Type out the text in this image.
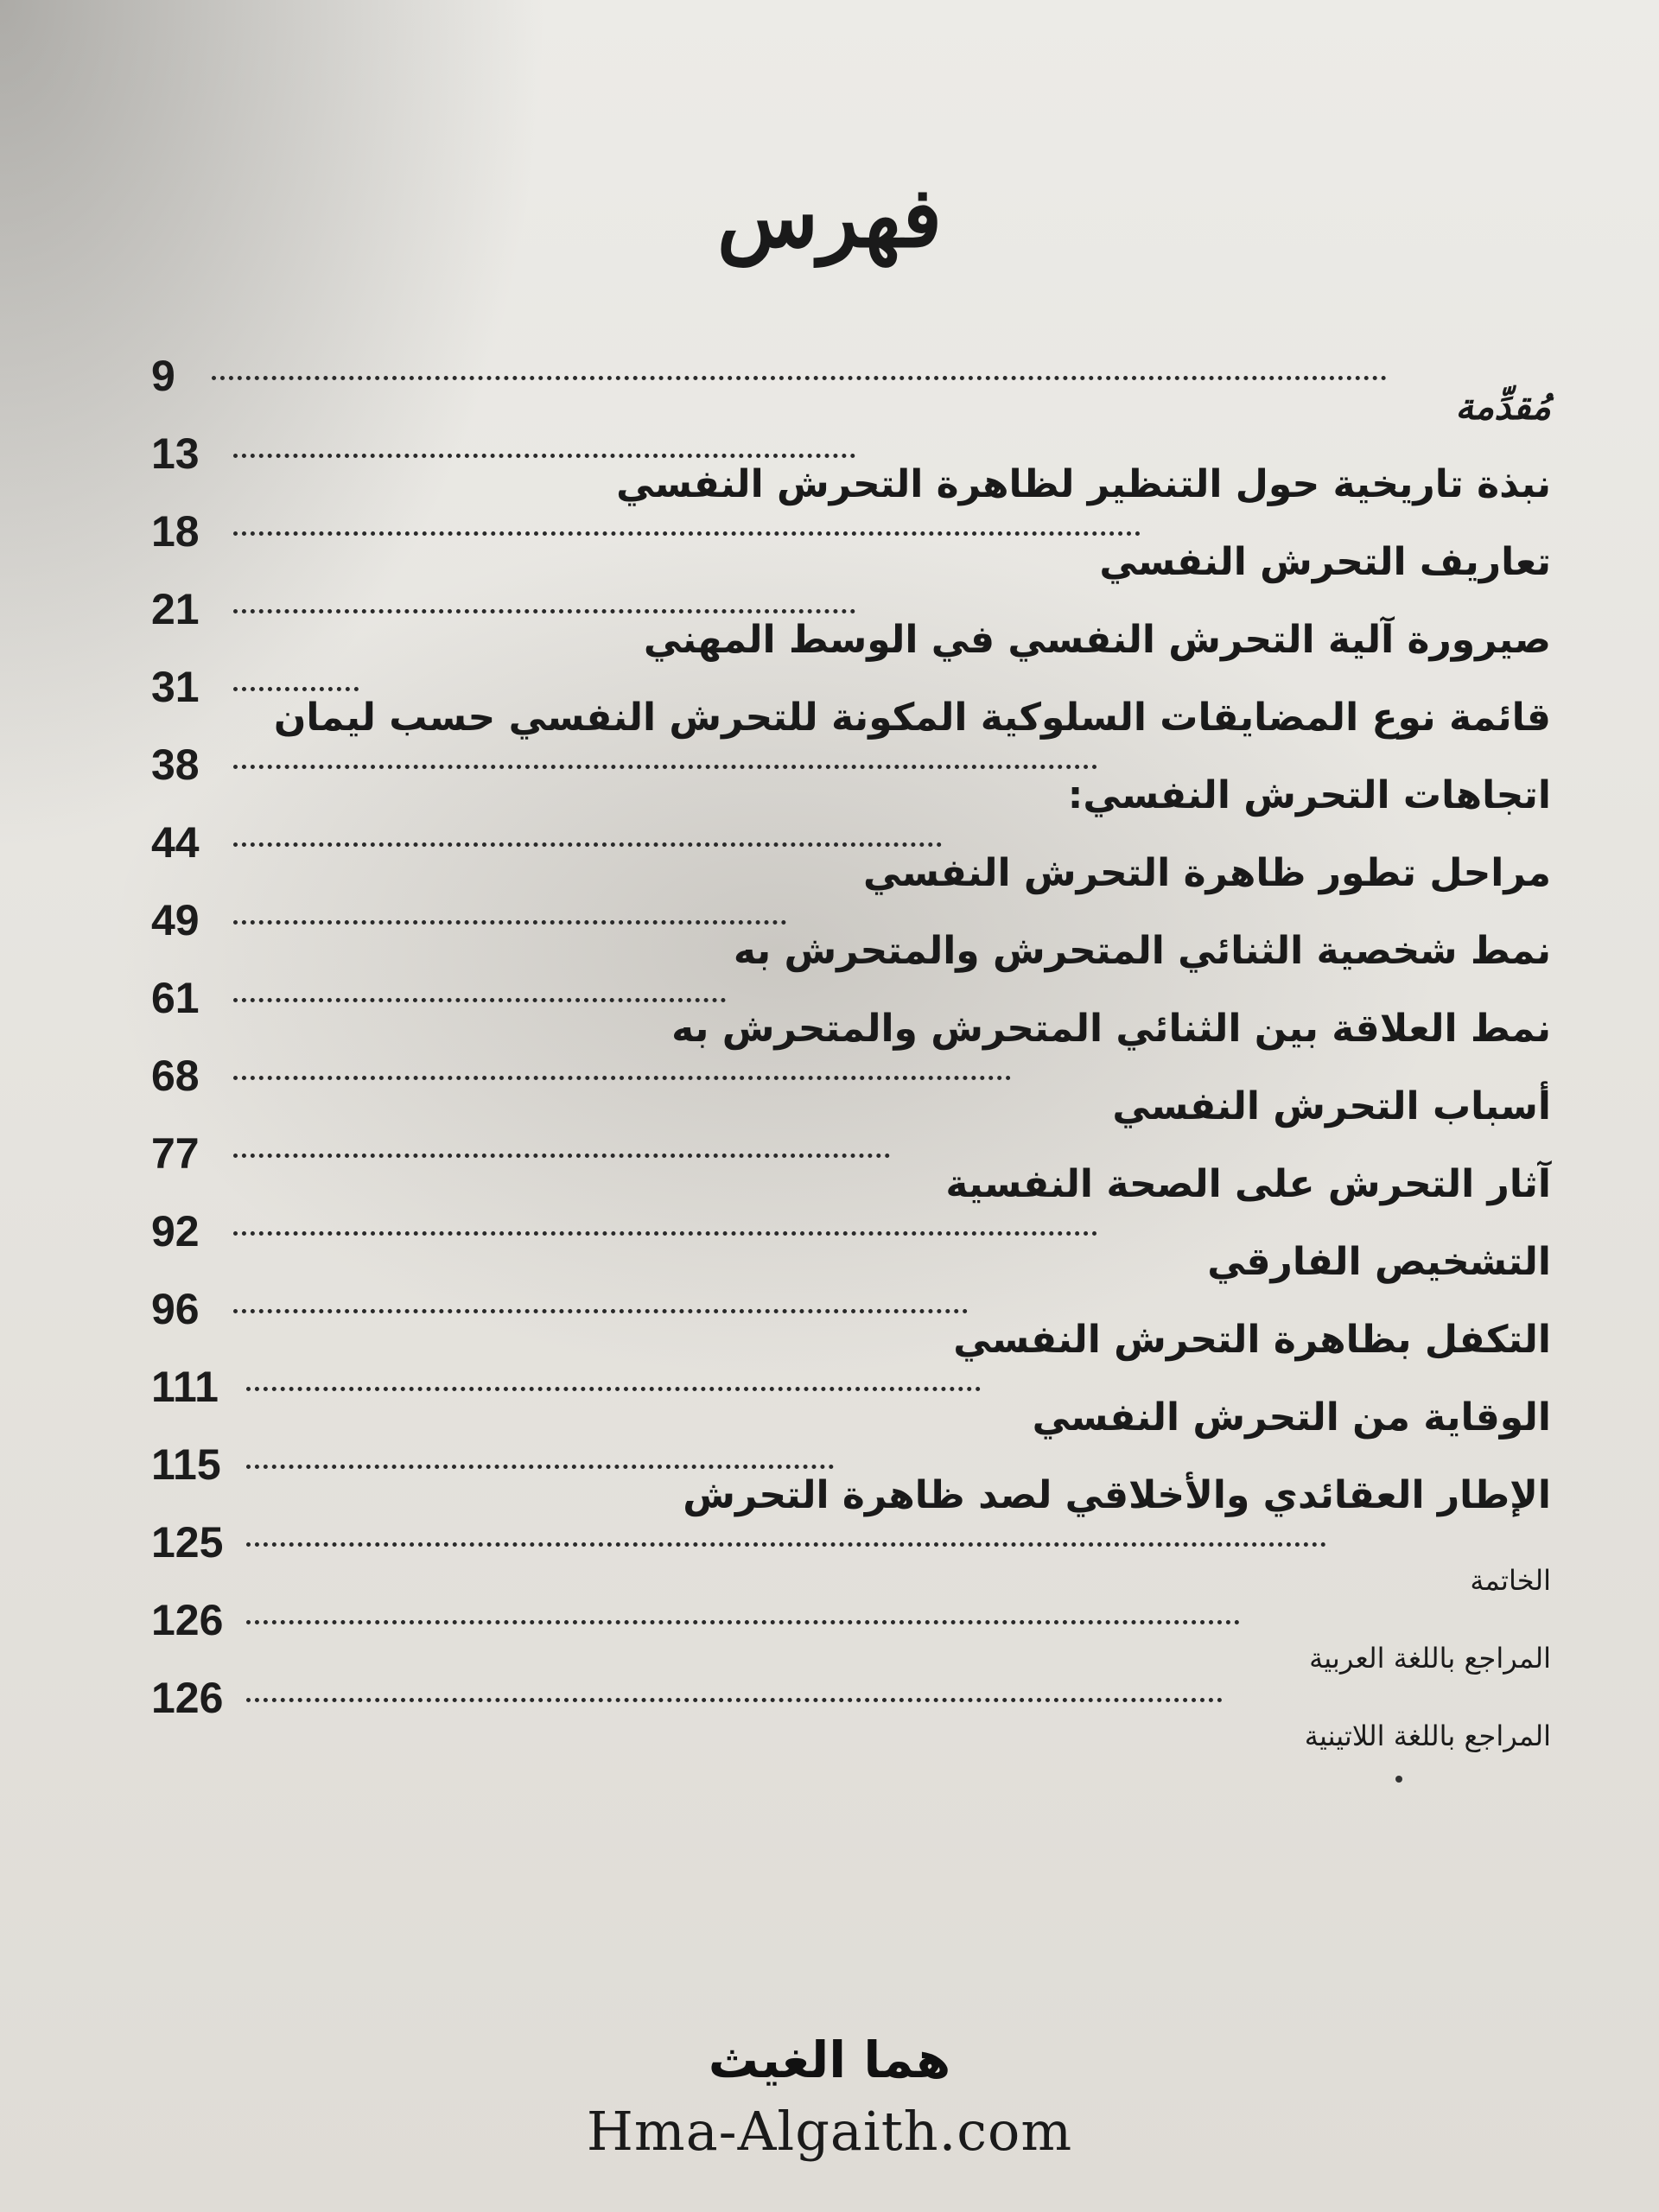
فهرس
9
مُقدِّمة
13
نبذة تاريخية حول التنظير لظاهرة التحرش النفسي
18
تعاريف التحرش النفسي
21
صيرورة آلية التحرش النفسي في الوسط المهني
31
قائمة نوع المضايقات السلوكية المكونة للتحرش النفسي حسب ليمان
38
اتجاهات التحرش النفسي:
44
مراحل تطور ظاهرة التحرش النفسي
49
نمط شخصية الثنائي المتحرش والمتحرش به
61
نمط العلاقة بين الثنائي المتحرش والمتحرش به
68
أسباب التحرش النفسي
77
آثار التحرش على الصحة النفسية
92
التشخيص الفارقي
96
التكفل بظاهرة التحرش النفسي
111
الوقاية من التحرش النفسي
115
الإطار العقائدي والأخلاقي لصد ظاهرة التحرش
125
الخاتمة
126
المراجع باللغة العربية
126
المراجع باللغة اللاتينية
هما الغيث
Hma-Algaith.com
